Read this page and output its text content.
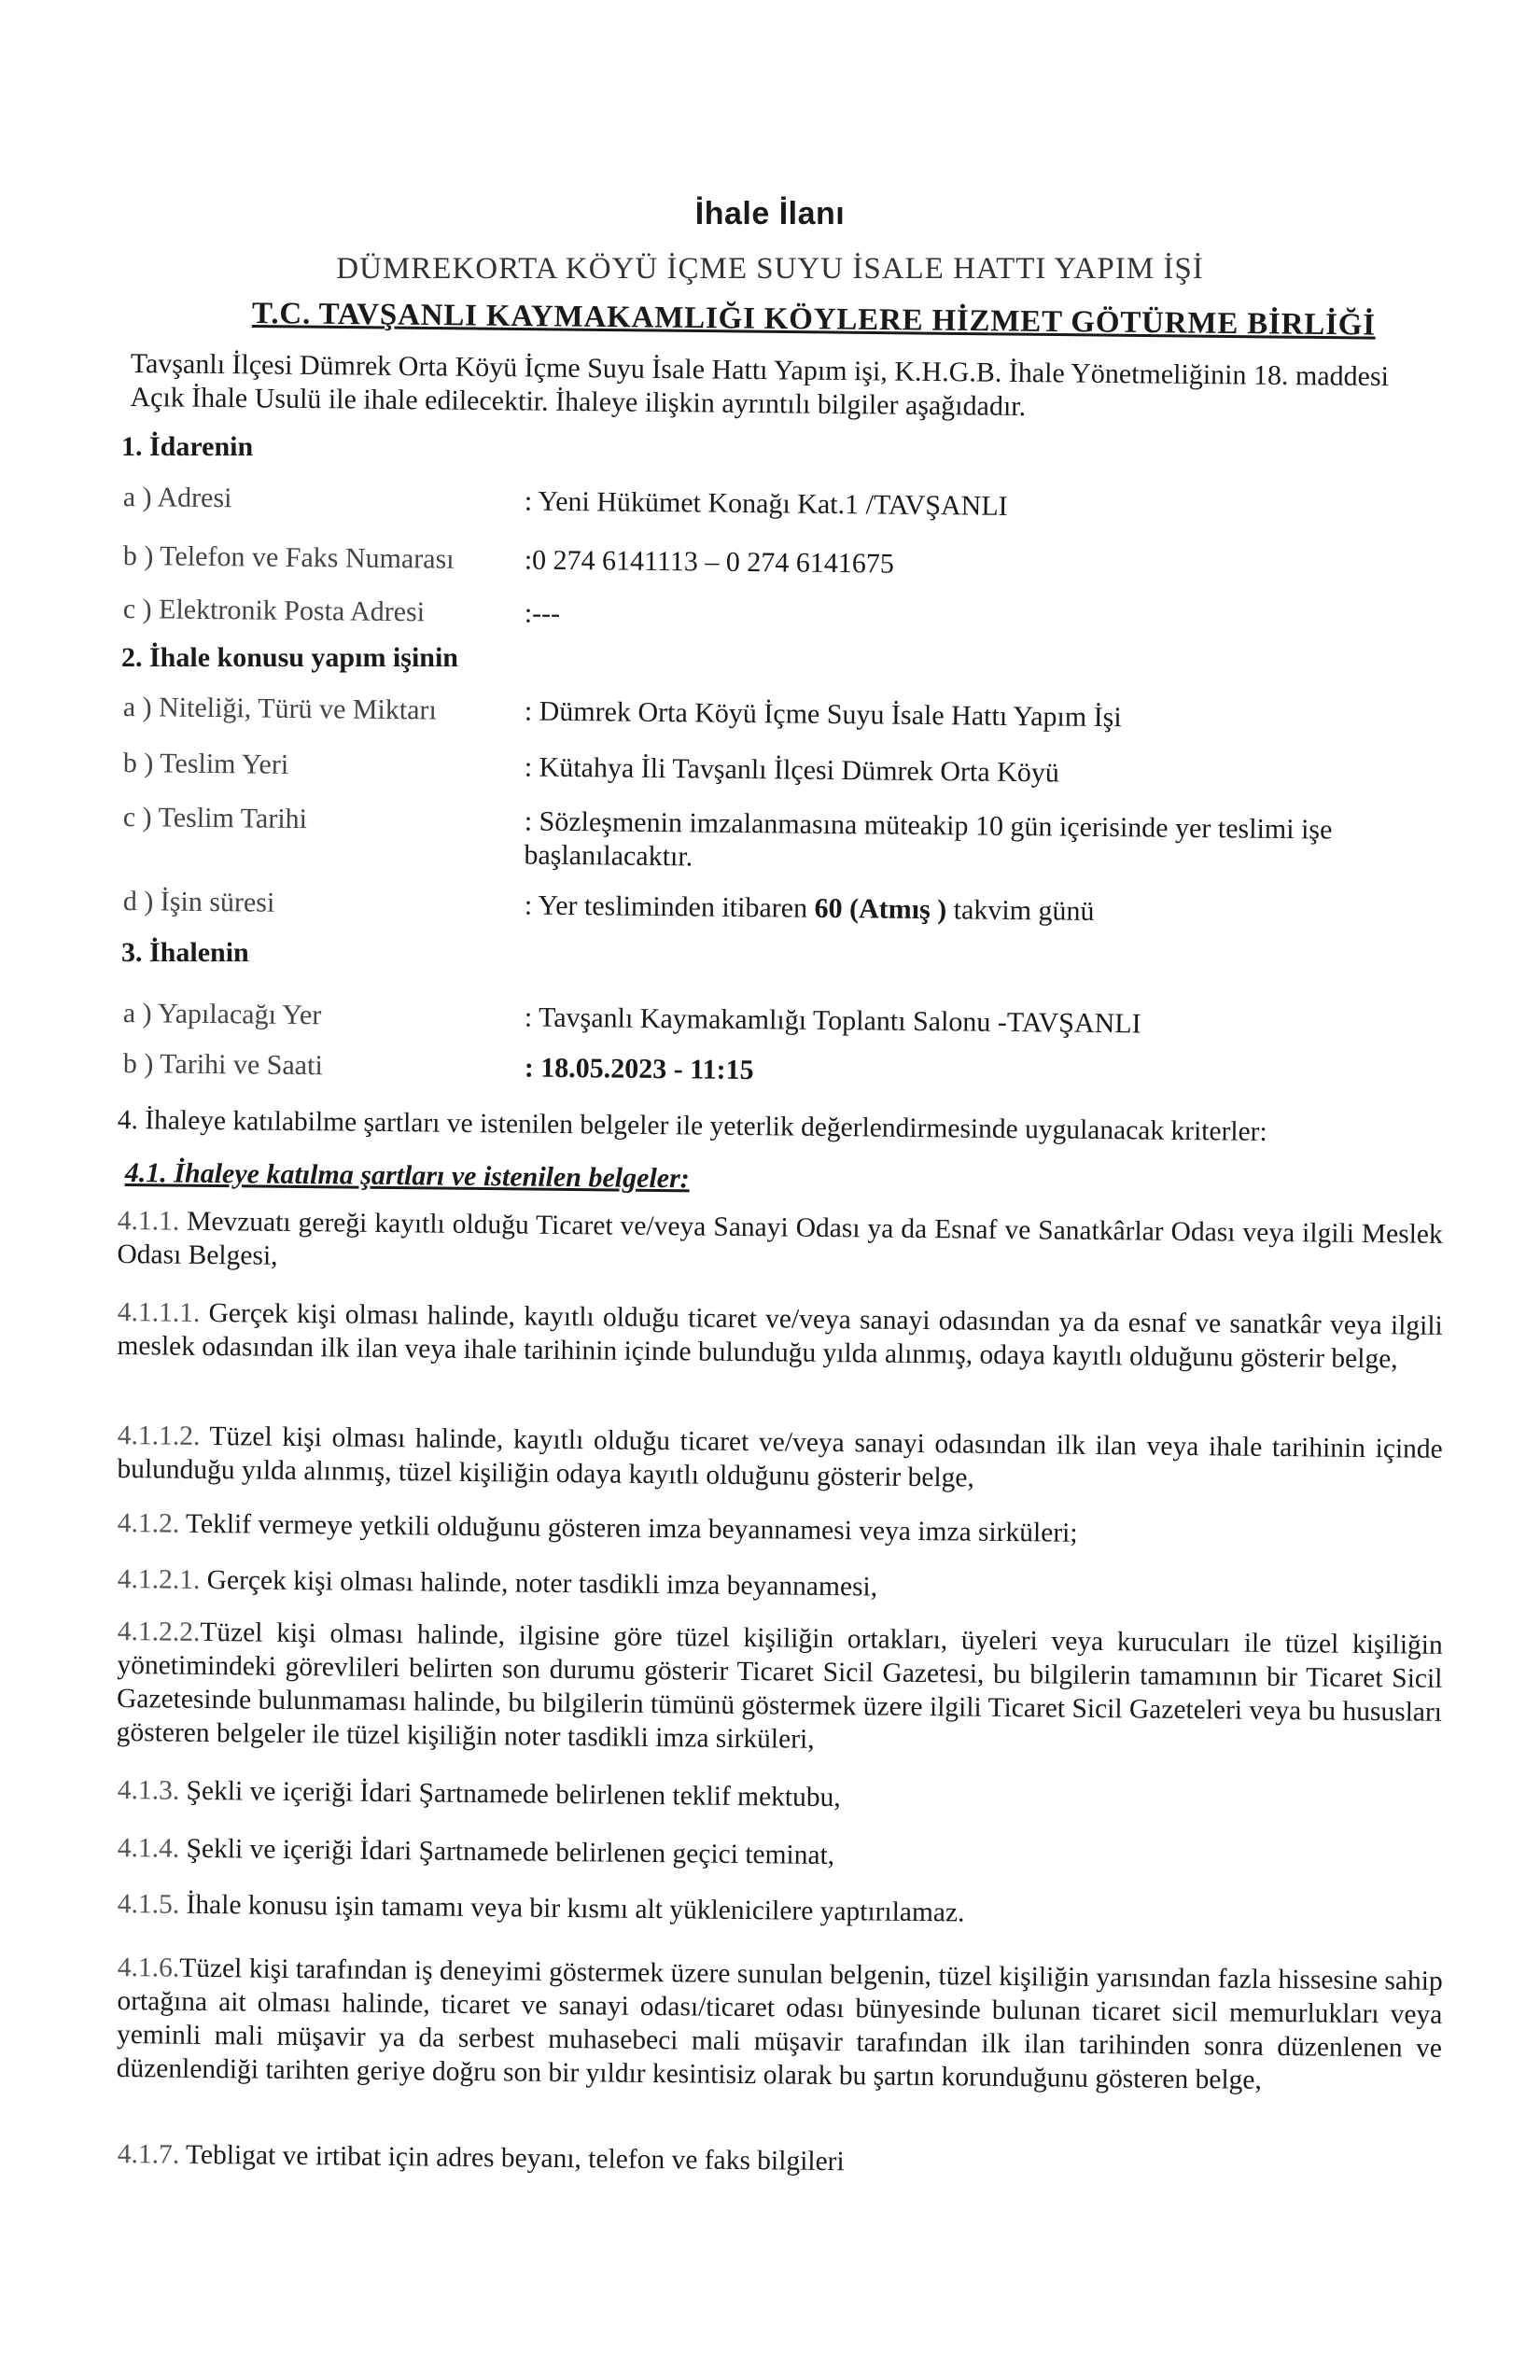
İhale İlanı
DÜMREKORTA KÖYÜ İÇME SUYU İSALE HATTI YAPIM İŞİ
T.C. TAVŞANLI KAYMAKAMLIĞI KÖYLERE HİZMET GÖTÜRME BİRLİĞİ
Tavşanlı İlçesi Dümrek Orta Köyü İçme Suyu İsale Hattı Yapım işi, K.H.G.B. İhale Yönetmeliğinin 18. maddesi Açık İhale Usulü ile ihale edilecektir. İhaleye ilişkin ayrıntılı bilgiler aşağıdadır.
1. İdarenin
a ) Adresi	: Yeni Hükümet Konağı Kat.1 /TAVŞANLI
b ) Telefon ve Faks Numarası :0 274 6141113 – 0 274 6141675
c ) Elektronik Posta Adresi	:---
2. İhale konusu yapım işinin
a ) Niteliği, Türü ve Miktarı	: Dümrek Orta Köyü İçme Suyu İsale Hattı Yapım İşi
b ) Teslim Yeri	: Kütahya İli Tavşanlı İlçesi Dümrek Orta Köyü
c ) Teslim Tarihi	: Sözleşmenin imzalanmasına müteakip 10 gün içerisinde yer teslimi işe başlanılacaktır.
d ) İşin süresi	: Yer tesliminden itibaren 60 (Atmış ) takvim günü
3. İhalenin
a ) Yapılacağı Yer	: Tavşanlı Kaymakamlığı Toplantı Salonu -TAVŞANLI
b ) Tarihi ve Saati	: 18.05.2023 - 11:15
4. İhaleye katılabilme şartları ve istenilen belgeler ile yeterlik değerlendirmesinde uygulanacak kriterler:
4.1. İhaleye katılma şartları ve istenilen belgeler:
4.1.1. Mevzuatı gereği kayıtlı olduğu Ticaret ve/veya Sanayi Odası ya da Esnaf ve Sanatkârlar Odası veya ilgili Meslek Odası Belgesi,
4.1.1.1. Gerçek kişi olması halinde, kayıtlı olduğu ticaret ve/veya sanayi odasından ya da esnaf ve sanatkâr veya ilgili meslek odasından ilk ilan veya ihale tarihinin içinde bulunduğu yılda alınmış, odaya kayıtlı olduğunu gösterir belge,
4.1.1.2. Tüzel kişi olması halinde, kayıtlı olduğu ticaret ve/veya sanayi odasından ilk ilan veya ihale tarihinin içinde bulunduğu yılda alınmış, tüzel kişiliğin odaya kayıtlı olduğunu gösterir belge,
4.1.2. Teklif vermeye yetkili olduğunu gösteren imza beyannamesi veya imza sirküleri;
4.1.2.1. Gerçek kişi olması halinde, noter tasdikli imza beyannamesi,
4.1.2.2.Tüzel kişi olması halinde, ilgisine göre tüzel kişiliğin ortakları, üyeleri veya kurucuları ile tüzel kişiliğin yönetimindeki görevlileri belirten son durumu gösterir Ticaret Sicil Gazetesi, bu bilgilerin tamamının bir Ticaret Sicil Gazetesinde bulunmaması halinde, bu bilgilerin tümünü göstermek üzere ilgili Ticaret Sicil Gazeteleri veya bu hususları gösteren belgeler ile tüzel kişiliğin noter tasdikli imza sirküleri,
4.1.3. Şekli ve içeriği İdari Şartnamede belirlenen teklif mektubu,
4.1.4. Şekli ve içeriği İdari Şartnamede belirlenen geçici teminat,
4.1.5. İhale konusu işin tamamı veya bir kısmı alt yüklenicilere yaptırılamaz.
4.1.6.Tüzel kişi tarafından iş deneyimi göstermek üzere sunulan belgenin, tüzel kişiliğin yarısından fazla hissesine sahip ortağına ait olması halinde, ticaret ve sanayi odası/ticaret odası bünyesinde bulunan ticaret sicil memurlukları veya yeminli mali müşavir ya da serbest muhasebeci mali müşavir tarafından ilk ilan tarihinden sonra düzenlenen ve düzenlendiği tarihten geriye doğru son bir yıldır kesintisiz olarak bu şartın korunduğunu gösteren belge,
4.1.7. Tebligat ve irtibat için adres beyanı, telefon ve faks bilgileri
